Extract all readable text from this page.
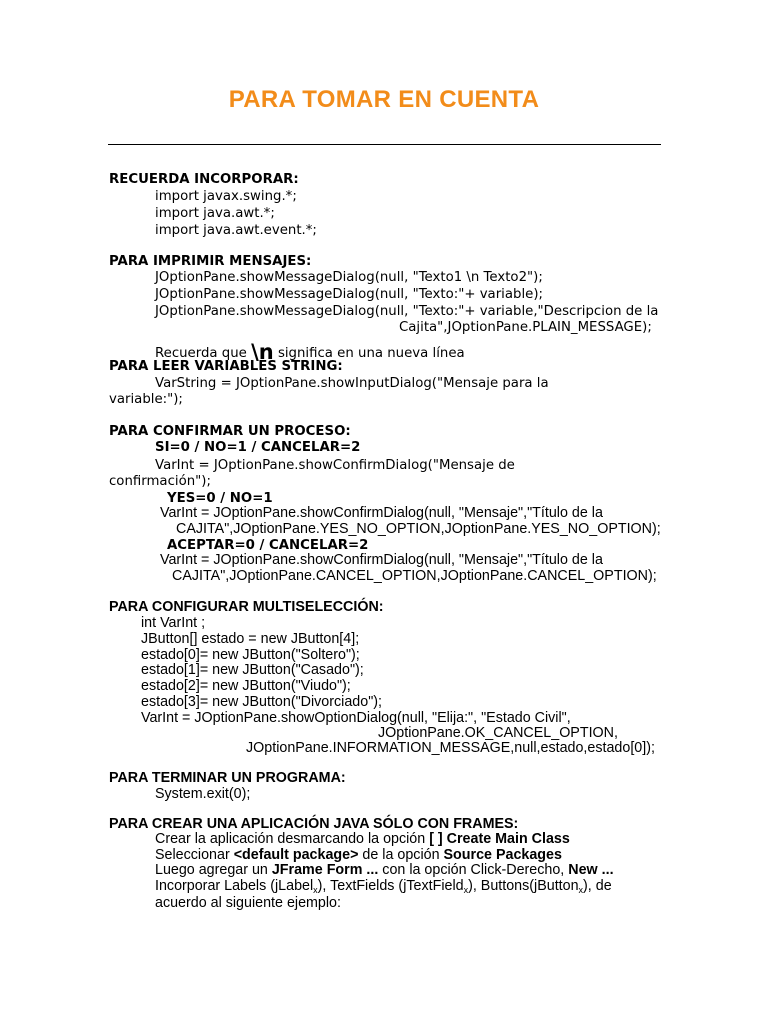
PARA TOMAR EN CUENTA
RECUERDA INCORPORAR:
import javax.swing.*;
import java.awt.*;
import java.awt.event.*;
PARA IMPRIMIR MENSAJES:
JOptionPane.showMessageDialog(null, "Texto1 \n Texto2");
JOptionPane.showMessageDialog(null, "Texto:"+ variable);
JOptionPane.showMessageDialog(null, "Texto:"+ variable,"Descripcion de la
Cajita",JOptionPane.PLAIN_MESSAGE);
Recuerda que \n significa en una nueva línea
PARA LEER VARIABLES STRING:
VarString = JOptionPane.showInputDialog("Mensaje para la
variable:");
PARA CONFIRMAR UN PROCESO:
SI=0 / NO=1 / CANCELAR=2
VarInt = JOptionPane.showConfirmDialog("Mensaje de
confirmación");
YES=0 / NO=1
VarInt = JOptionPane.showConfirmDialog(null, "Mensaje","Título de la
CAJITA",JOptionPane.YES_NO_OPTION,JOptionPane.YES_NO_OPTION);
ACEPTAR=0 / CANCELAR=2
VarInt = JOptionPane.showConfirmDialog(null, "Mensaje","Título de la
CAJITA",JOptionPane.CANCEL_OPTION,JOptionPane.CANCEL_OPTION);
PARA CONFIGURAR MULTISELECCIÓN:
int VarInt ;
JButton[] estado = new JButton[4];
estado[0]= new JButton("Soltero");
estado[1]= new JButton("Casado");
estado[2]= new JButton("Viudo");
estado[3]= new JButton("Divorciado");
VarInt = JOptionPane.showOptionDialog(null, "Elija:", "Estado Civil",
JOptionPane.OK_CANCEL_OPTION,
JOptionPane.INFORMATION_MESSAGE,null,estado,estado[0]);
PARA TERMINAR UN PROGRAMA:
System.exit(0);
PARA CREAR UNA APLICACIÓN JAVA SÓLO CON FRAMES:
Crear la aplicación desmarcando la opción [ ] Create Main Class
Seleccionar <default package> de la opción Source Packages
Luego agregar un JFrame Form ... con la opción Click-Derecho, New ...
Incorporar Labels (jLabel$_x$), TextFields (jTextField$_x$), Buttons(jButton$_x$), de
acuerdo al siguiente ejemplo:
